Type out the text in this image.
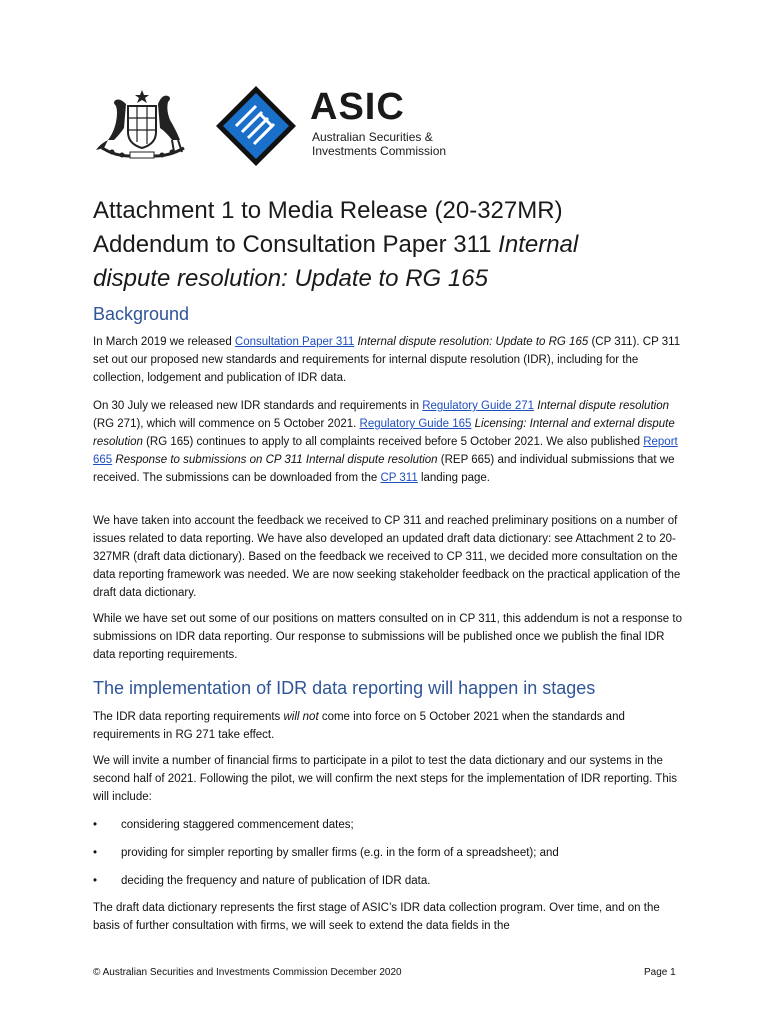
ASIC
Australian Securities &
Investments Commission
Attachment 1 to Media Release (20-327MR)
Addendum to Consultation Paper 311 Internal
dispute resolution: Update to RG 165
Background
In March 2019 we released Consultation Paper 311 Internal dispute resolution: Update to RG 165 (CP 311). CP 311 set out our proposed new standards and requirements for internal dispute resolution (IDR), including for the collection, lodgement and publication of IDR data.
On 30 July we released new IDR standards and requirements in Regulatory Guide 271 Internal dispute resolution (RG 271), which will commence on 5 October 2021. Regulatory Guide 165 Licensing: Internal and external dispute resolution (RG 165) continues to apply to all complaints received before 5 October 2021. We also published Report 665 Response to submissions on CP 311 Internal dispute resolution (REP 665) and individual submissions that we received. The submissions can be downloaded from the CP 311 landing page.
We have taken into account the feedback we received to CP 311 and reached preliminary positions on a number of issues related to data reporting. We have also developed an updated draft data dictionary: see Attachment 2 to 20-327MR (draft data dictionary). Based on the feedback we received to CP 311, we decided more consultation on the data reporting framework was needed. We are now seeking stakeholder feedback on the practical application of the draft data dictionary.
While we have set out some of our positions on matters consulted on in CP 311, this addendum is not a response to submissions on IDR data reporting. Our response to submissions will be published once we publish the final IDR data reporting requirements.
The implementation of IDR data reporting will happen in stages
The IDR data reporting requirements will not come into force on 5 October 2021 when the standards and requirements in RG 271 take effect.
We will invite a number of financial firms to participate in a pilot to test the data dictionary and our systems in the second half of 2021. Following the pilot, we will confirm the next steps for the implementation of IDR reporting. This will include:
• considering staggered commencement dates;
• providing for simpler reporting by smaller firms (e.g. in the form of a spreadsheet); and
• deciding the frequency and nature of publication of IDR data.
The draft data dictionary represents the first stage of ASIC’s IDR data collection program. Over time, and on the basis of further consultation with firms, we will seek to extend the data fields in the
© Australian Securities and Investments Commission December 2020	Page 1
